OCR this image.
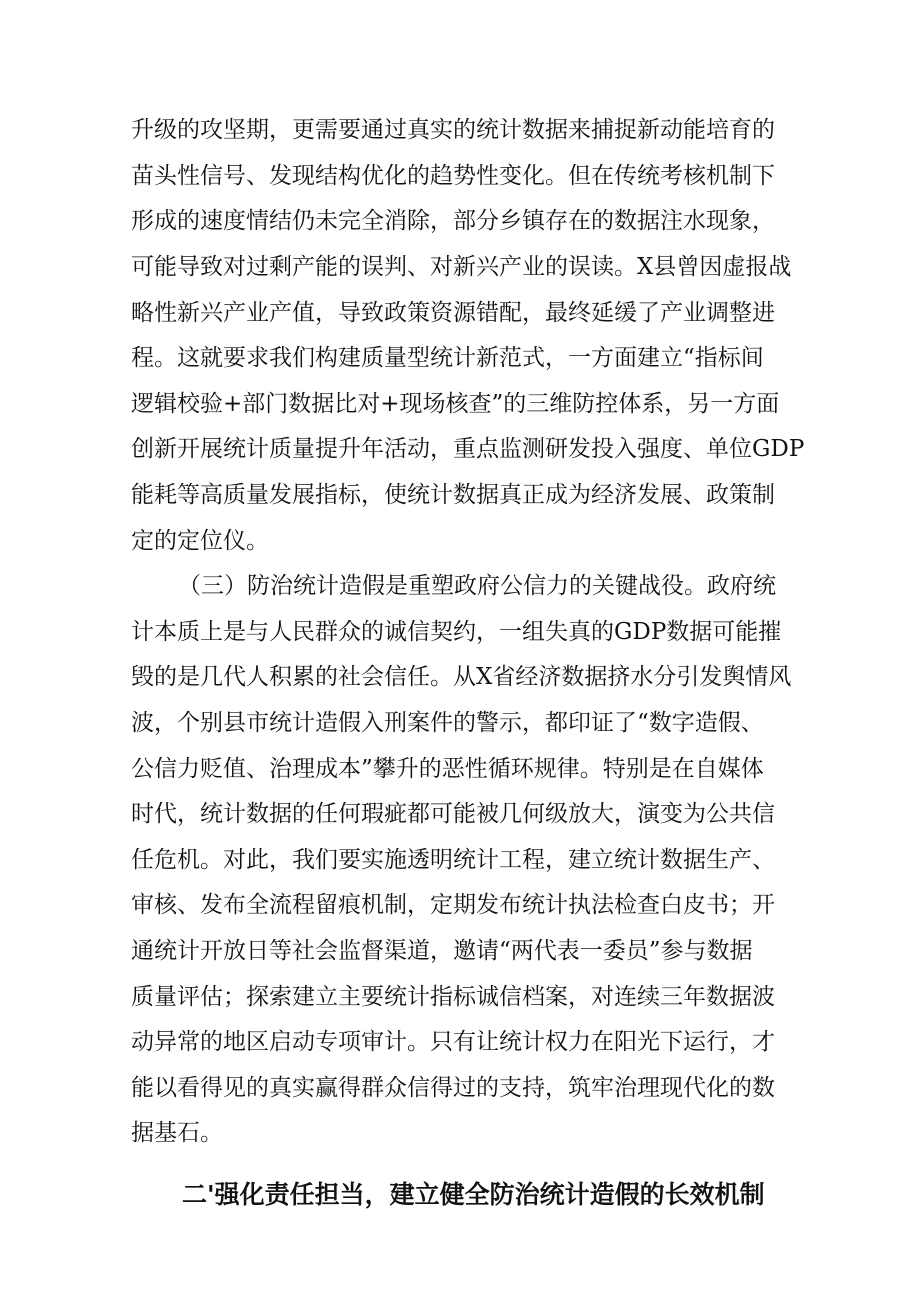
升级的攻坚期，更需要通过真实的统计数据来捕捉新动能培育的
苗头性信号、发现结构优化的趋势性变化。但在传统考核机制下
形成的速度情结仍未完全消除，部分乡镇存在的数据注水现象，
可能导致对过剩产能的误判、对新兴产业的误读。X县曾因虚报战
略性新兴产业产值，导致政策资源错配，最终延缓了产业调整进
程。这就要求我们构建质量型统计新范式，一方面建立“指标间
逻辑校验+部门数据比对+现场核查”的三维防控体系，另一方面
创新开展统计质量提升年活动，重点监测研发投入强度、单位GDP
能耗等高质量发展指标，使统计数据真正成为经济发展、政策制
定的定位仪。
（三）防治统计造假是重塑政府公信力的关键战役。政府统
计本质上是与人民群众的诚信契约，一组失真的GDP数据可能摧
毁的是几代人积累的社会信任。从X省经济数据挤水分引发舆情风
波，个别县市统计造假入刑案件的警示，都印证了“数字造假、
公信力贬值、治理成本”攀升的恶性循环规律。特别是在自媒体
时代，统计数据的任何瑕疵都可能被几何级放大，演变为公共信
任危机。对此，我们要实施透明统计工程，建立统计数据生产、
审核、发布全流程留痕机制，定期发布统计执法检查白皮书；开
通统计开放日等社会监督渠道，邀请“两代表一委员”参与数据
质量评估；探索建立主要统计指标诚信档案，对连续三年数据波
动异常的地区启动专项审计。只有让统计权力在阳光下运行，才
能以看得见的真实赢得群众信得过的支持，筑牢治理现代化的数
据基石。
二'强化责任担当，建立健全防治统计造假的长效机制
